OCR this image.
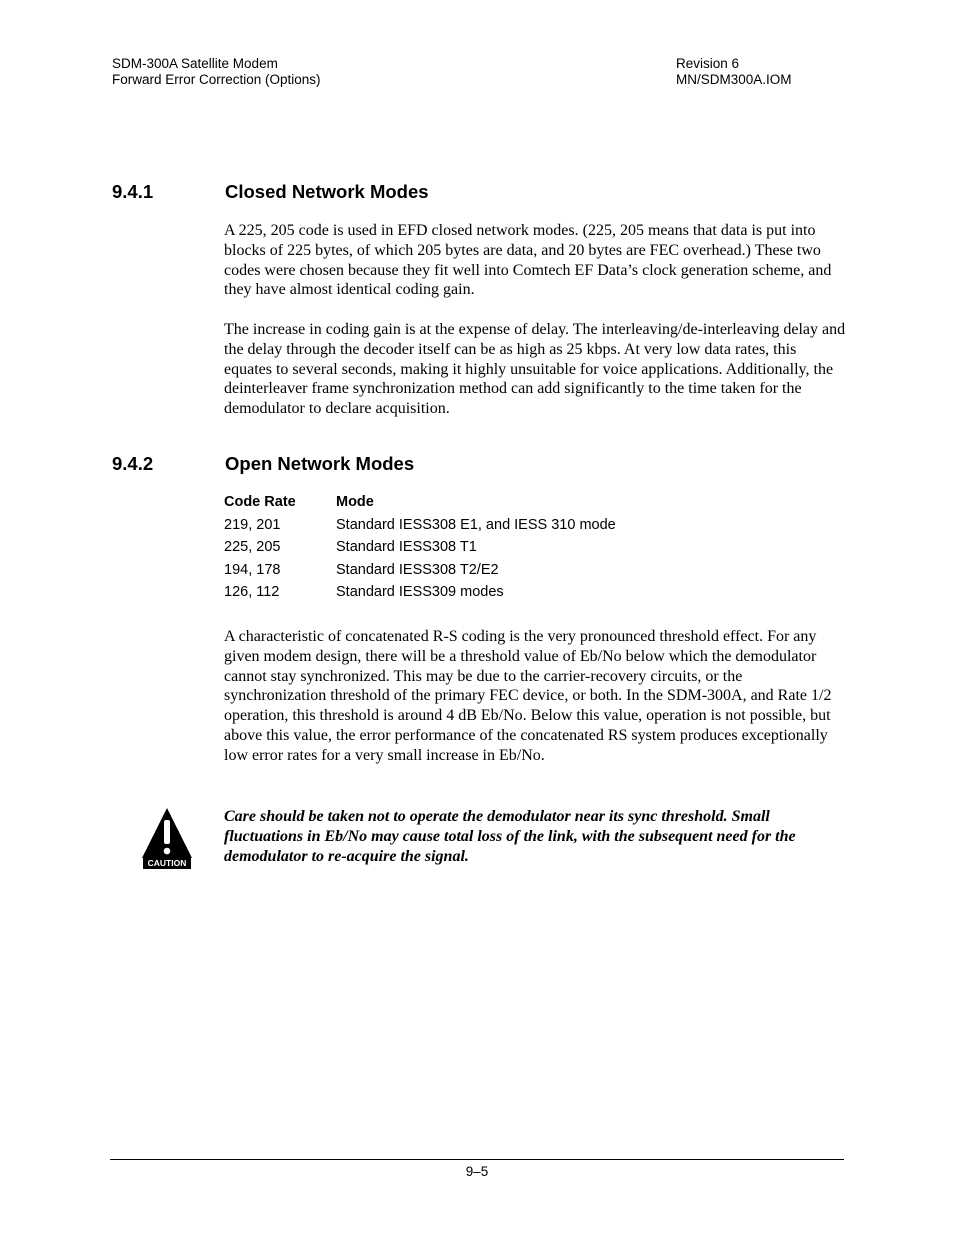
SDM-300A Satellite Modem
Forward Error Correction (Options)
Revision 6
MN/SDM300A.IOM
9.4.1	Closed Network Modes
A 225, 205 code is used in EFD closed network modes. (225, 205 means that data is put into blocks of 225 bytes, of which 205 bytes are data, and 20 bytes are FEC overhead.) These two codes were chosen because they fit well into Comtech EF Data’s clock generation scheme, and they have almost identical coding gain.
The increase in coding gain is at the expense of delay. The interleaving/de-interleaving delay and the delay through the decoder itself can be as high as 25 kbps. At very low data rates, this equates to several seconds, making it highly unsuitable for voice applications. Additionally, the deinterleaver frame synchronization method can add significantly to the time taken for the demodulator to declare acquisition.
9.4.2	Open Network Modes
Code Rate	Mode
219, 201	Standard IESS308 E1, and IESS 310 mode
225, 205	Standard IESS308 T1
194, 178	Standard IESS308 T2/E2
126, 112	Standard IESS309 modes
A characteristic of concatenated R-S coding is the very pronounced threshold effect. For any given modem design, there will be a threshold value of Eb/No below which the demodulator cannot stay synchronized. This may be due to the carrier-recovery circuits, or the synchronization threshold of the primary FEC device, or both. In the SDM-300A, and Rate 1/2 operation, this threshold is around 4 dB Eb/No. Below this value, operation is not possible, but above this value, the error performance of the concatenated RS system produces exceptionally low error rates for a very small increase in Eb/No.
CAUTION
Care should be taken not to operate the demodulator near its sync threshold. Small fluctuations in Eb/No may cause total loss of the link, with the subsequent need for the demodulator to re-acquire the signal.
9–5
